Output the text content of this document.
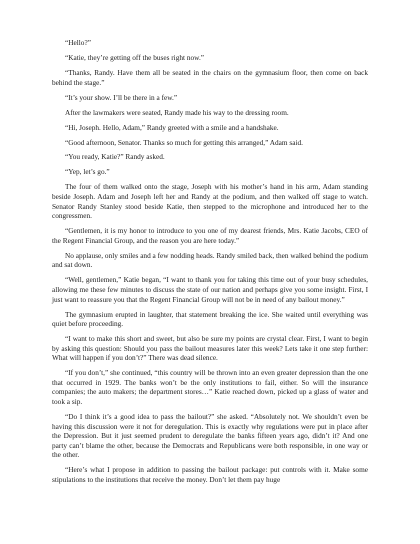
“Hello?”

“Katie, they’re getting off the buses right now.”

“Thanks, Randy. Have them all be seated in the chairs on the gymnasium floor, then come on back behind the stage.”

“It’s your show. I’ll be there in a few.”

After the lawmakers were seated, Randy made his way to the dressing room.

“Hi, Joseph. Hello, Adam,” Randy greeted with a smile and a handshake.

“Good afternoon, Senator. Thanks so much for getting this arranged,” Adam said.

“You ready, Katie?” Randy asked.

“Yep, let’s go.”

The four of them walked onto the stage, Joseph with his mother’s hand in his arm, Adam standing beside Joseph. Adam and Joseph left her and Randy at the podium, and then walked off stage to watch. Senator Randy Stanley stood beside Katie, then stepped to the microphone and introduced her to the congressmen.

“Gentlemen, it is my honor to introduce to you one of my dearest friends, Mrs. Katie Jacobs, CEO of the Regent Financial Group, and the reason you are here today.”

No applause, only smiles and a few nodding heads. Randy smiled back, then walked behind the podium and sat down.

“Well, gentlemen,” Katie began, “I want to thank you for taking this time out of your busy schedules, allowing me these few minutes to discuss the state of our nation and perhaps give you some insight. First, I just want to reassure you that the Regent Financial Group will not be in need of any bailout money.”

The gymnasium erupted in laughter, that statement breaking the ice. She waited until everything was quiet before proceeding.

“I want to make this short and sweet, but also be sure my points are crystal clear. First, I want to begin by asking this question: Should you pass the bailout measures later this week? Lets take it one step further: What will happen if you don’t?” There was dead silence.

“If you don’t,” she continued, “this country will be thrown into an even greater depression than the one that occurred in 1929. The banks won’t be the only institutions to fail, either. So will the insurance companies; the auto makers; the department stores…” Katie reached down, picked up a glass of water and took a sip.

“Do I think it’s a good idea to pass the bailout?” she asked. “Absolutely not. We shouldn’t even be having this discussion were it not for deregulation. This is exactly why regulations were put in place after the Depression. But it just seemed prudent to deregulate the banks fifteen years ago, didn’t it? And one party can’t blame the other, because the Democrats and Republicans were both responsible, in one way or the other.

“Here’s what I propose in addition to passing the bailout package: put controls with it. Make some stipulations to the institutions that receive the money. Don’t let them pay huge
